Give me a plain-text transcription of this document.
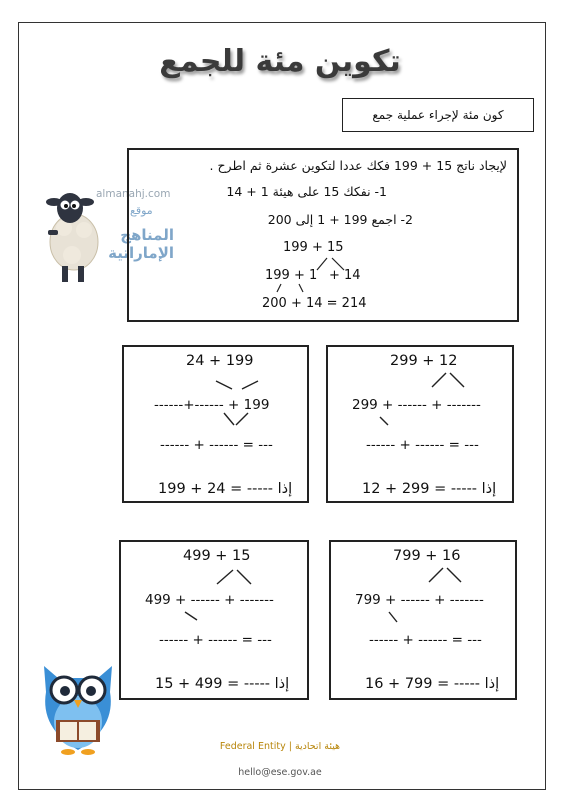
تكوين مئة للجمع
كون مئة لإجراء عملية جمع
almanahj.com
موقع
المناهج الإماراتية
لإيجاد ناتج 15 + 199 فكك عددا لتكوين عشرة ثم اطرح .
1- نفكك 15 على هيئة 1 + 14
2- اجمع 199 + 1 إلى 200
199 + 15
199 + 1 + 14
200 + 14 = 214
24 + 199
------+------ + 199
------ + ------ = ---
إذا ----- = 24 + 199
299 + 12
299 + ------ + -------
------ + ------ = ---
إذا ----- = 299 + 12
499 + 15
499 + ------ + -------
------ + ------ = ---
إذا ----- = 499 + 15
799 + 16
799 + ------ + -------
------ + ------ = ---
إذا ----- = 799 + 16
Federal Entity | هيئة اتحادية
hello@ese.gov.ae
